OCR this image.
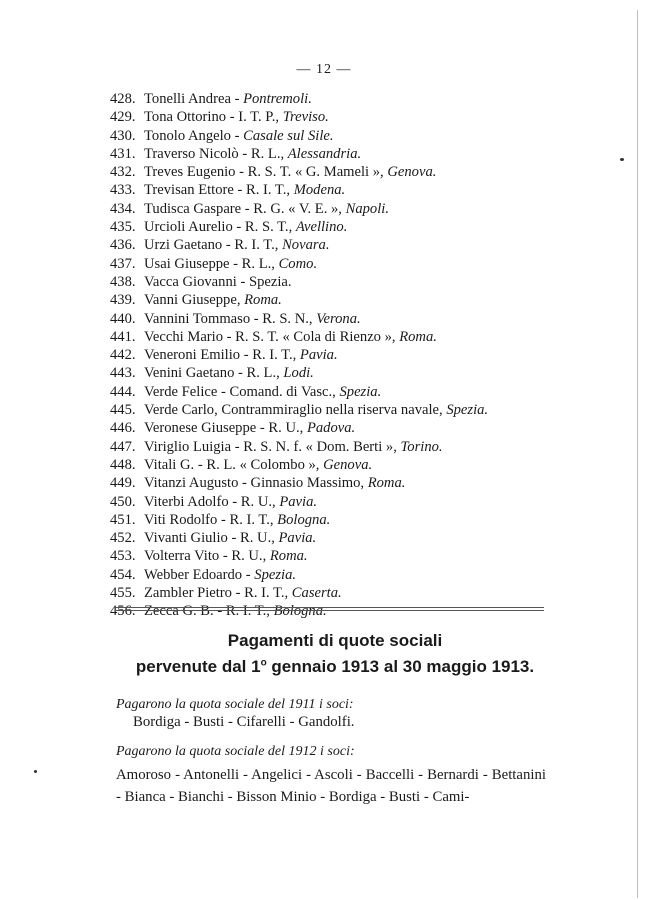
— 12 —
428. Tonelli Andrea - Pontremoli.
429. Tona Ottorino - I. T. P., Treviso.
430. Tonolo Angelo - Casale sul Sile.
431. Traverso Nicolò - R. L., Alessandria.
432. Treves Eugenio - R. S. T. « G. Mameli », Genova.
433. Trevisan Ettore - R. I. T., Modena.
434. Tudisca Gaspare - R. G. « V. E. », Napoli.
435. Urcioli Aurelio - R. S. T., Avellino.
436. Urzi Gaetano - R. I. T., Novara.
437. Usai Giuseppe - R. L., Como.
438. Vacca Giovanni - Spezia.
439. Vanni Giuseppe, Roma.
440. Vannini Tommaso - R. S. N., Verona.
441. Vecchi Mario - R. S. T. « Cola di Rienzo », Roma.
442. Veneroni Emilio - R. I. T., Pavia.
443. Venini Gaetano - R. L., Lodi.
444. Verde Felice - Comand. di Vasc., Spezia.
445. Verde Carlo, Contrammiraglio nella riserva navale, Spezia.
446. Veronese Giuseppe - R. U., Padova.
447. Viriglio Luigia - R. S. N. f. « Dom. Berti », Torino.
448. Vitali G. - R. L. « Colombo », Genova.
449. Vitanzi Augusto - Ginnasio Massimo, Roma.
450. Viterbi Adolfo - R. U., Pavia.
451. Viti Rodolfo - R. I. T., Bologna.
452. Vivanti Giulio - R. U., Pavia.
453. Volterra Vito - R. U., Roma.
454. Webber Edoardo - Spezia.
455. Zambler Pietro - R. I. T., Caserta.
456. Zecca G. B. - R. I. T., Bologna.
Pagamenti di quote sociali
pervenute dal 1$^o$ gennaio 1913 al 30 maggio 1913.
Pagarono la quota sociale del 1911 i soci:
Bordiga - Busti - Cifarelli - Gandolfi.
Pagarono la quota sociale del 1912 i soci:
Amoroso - Antonelli - Angelici - Ascoli - Baccelli - Bernardi - Bettanini - Bianca - Bianchi - Bisson Minio - Bordiga - Busti - Cami-
